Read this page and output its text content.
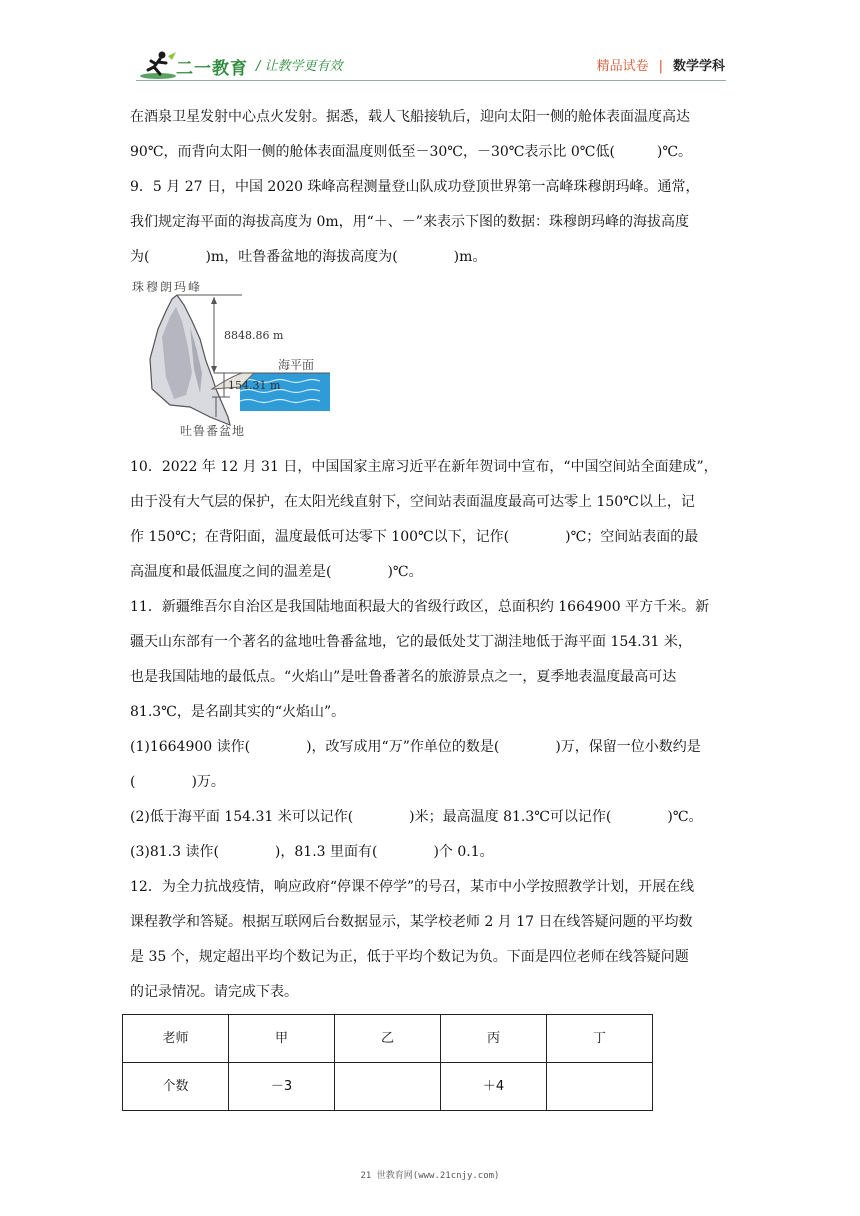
二一教育 / 让教学更有效	精品试卷 | 数学学科

在酒泉卫星发射中心点火发射。据悉，载人飞船接轨后，迎向太阳一侧的舱体表面温度高达

90℃，而背向太阳一侧的舱体表面温度则低至－30℃，－30℃表示比 0℃低(　　　)℃。

9．5 月 27 日，中国 2020 珠峰高程测量登山队成功登顶世界第一高峰珠穆朗玛峰。通常，

我们规定海平面的海拔高度为 0m，用“＋、－”来表示下图的数据：珠穆朗玛峰的海拔高度

为(　　　　)m，吐鲁番盆地的海拔高度为(　　　　)m。

珠穆朗玛峰
8848.86 m
海平面
154.31 m
吐鲁番盆地

10．2022 年 12 月 31 日，中国国家主席习近平在新年贺词中宣布，“中国空间站全面建成”，

由于没有大气层的保护，在太阳光线直射下，空间站表面温度最高可达零上 150℃以上，记

作 150℃；在背阳面，温度最低可达零下 100℃以下，记作(　　　　)℃；空间站表面的最

高温度和最低温度之间的温差是(　　　　)℃。

11．新疆维吾尔自治区是我国陆地面积最大的省级行政区，总面积约 1664900 平方千米。新

疆天山东部有一个著名的盆地吐鲁番盆地，它的最低处艾丁湖洼地低于海平面 154.31 米，

也是我国陆地的最低点。“火焰山”是吐鲁番著名的旅游景点之一，夏季地表温度最高可达

81.3℃，是名副其实的“火焰山”。

(1)1664900 读作(　　　　)，改写成用“万”作单位的数是(　　　　)万，保留一位小数约是

(　　　　)万。

(2)低于海平面 154.31 米可以记作(　　　　)米；最高温度 81.3℃可以记作(　　　　)℃。

(3)81.3 读作(　　　　)，81.3 里面有(　　　　)个 0.1。

12．为全力抗战疫情，响应政府“停课不停学”的号召，某市中小学按照教学计划，开展在线

课程教学和答疑。根据互联网后台数据显示，某学校老师 2 月 17 日在线答疑问题的平均数

是 35 个，规定超出平均个数记为正，低于平均个数记为负。下面是四位老师在线答疑问题

的记录情况。请完成下表。

老师	甲	乙	丙	丁
个数	－3		＋4	
21 世教育网(www.21cnjy.com)
